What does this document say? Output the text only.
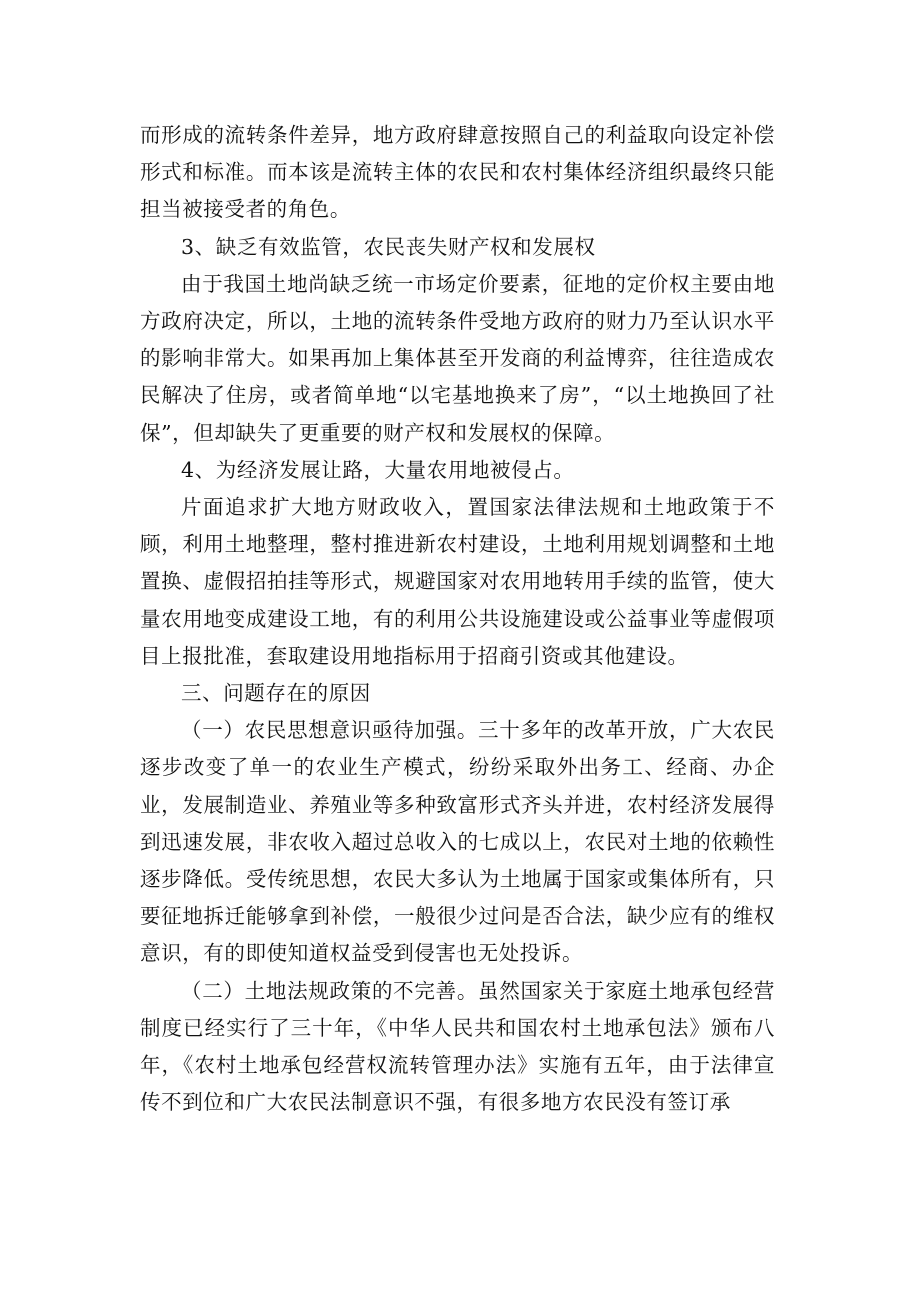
而形成的流转条件差异，地方政府肆意按照自己的利益取向设定补偿形式和标准。而本该是流转主体的农民和农村集体经济组织最终只能担当被接受者的角色。

3、缺乏有效监管，农民丧失财产权和发展权

由于我国土地尚缺乏统一市场定价要素，征地的定价权主要由地方政府决定，所以，土地的流转条件受地方政府的财力乃至认识水平的影响非常大。如果再加上集体甚至开发商的利益博弈，往往造成农民解决了住房，或者简单地“以宅基地换来了房”，“以土地换回了社保”，但却缺失了更重要的财产权和发展权的保障。

4、为经济发展让路，大量农用地被侵占。

片面追求扩大地方财政收入，置国家法律法规和土地政策于不顾，利用土地整理，整村推进新农村建设，土地利用规划调整和土地置换、虚假招拍挂等形式，规避国家对农用地转用手续的监管，使大量农用地变成建设工地，有的利用公共设施建设或公益事业等虚假项目上报批准，套取建设用地指标用于招商引资或其他建设。

三、问题存在的原因

（一）农民思想意识亟待加强。三十多年的改革开放，广大农民逐步改变了单一的农业生产模式，纷纷采取外出务工、经商、办企业，发展制造业、养殖业等多种致富形式齐头并进，农村经济发展得到迅速发展，非农收入超过总收入的七成以上，农民对土地的依赖性逐步降低。受传统思想，农民大多认为土地属于国家或集体所有，只要征地拆迁能够拿到补偿，一般很少过问是否合法，缺少应有的维权意识，有的即使知道权益受到侵害也无处投诉。

（二）土地法规政策的不完善。虽然国家关于家庭土地承包经营制度已经实行了三十年，《中华人民共和国农村土地承包法》颁布八年，《农村土地承包经营权流转管理办法》实施有五年，由于法律宣传不到位和广大农民法制意识不强，有很多地方农民没有签订承
